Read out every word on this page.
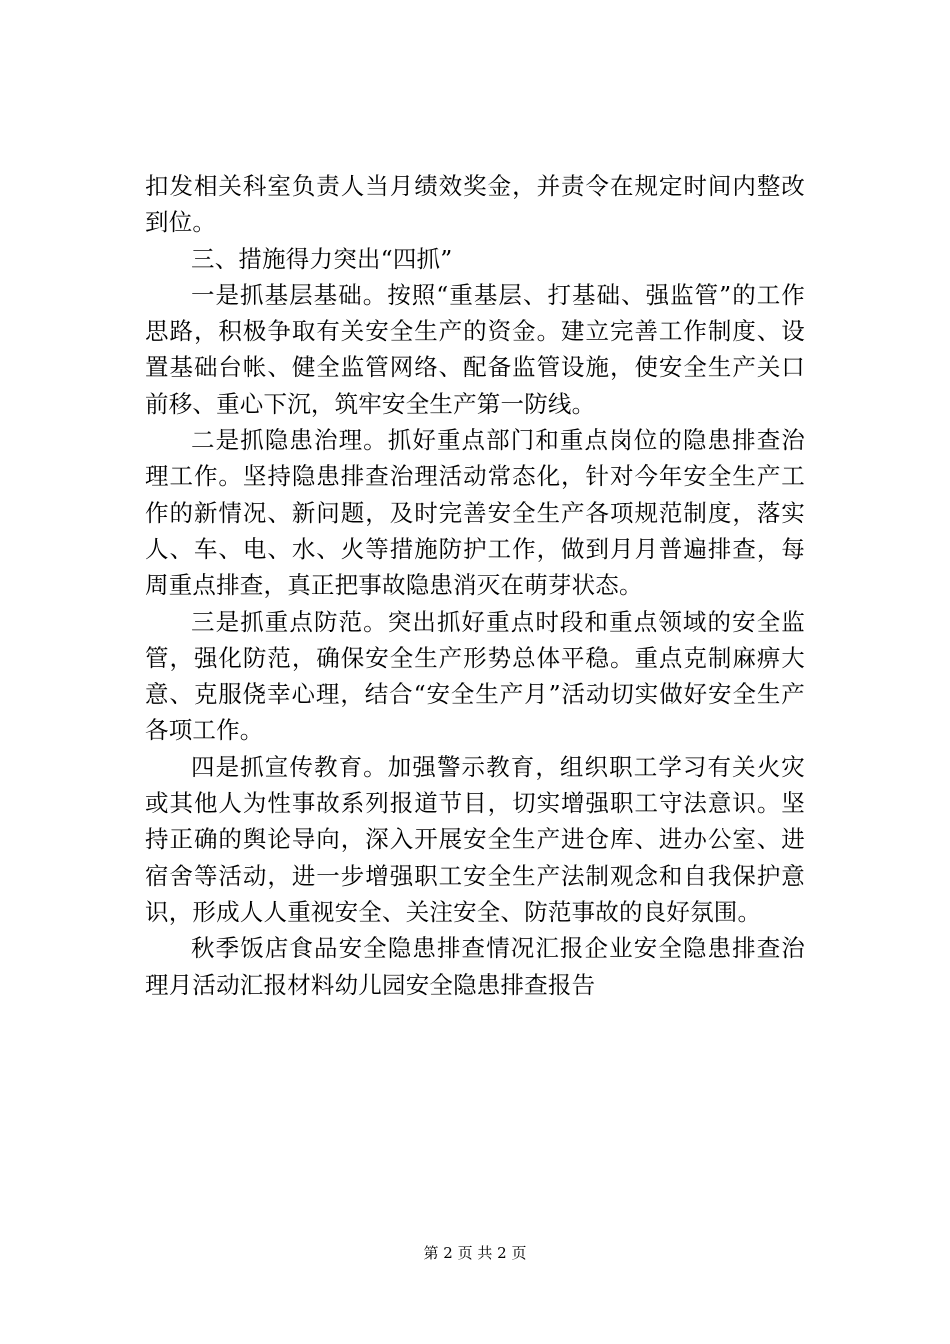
扣发相关科室负责人当月绩效奖金，并责令在规定时间内整改到位。

三、措施得力突出“四抓”

一是抓基层基础。按照“重基层、打基础、强监管”的工作思路，积极争取有关安全生产的资金。建立完善工作制度、设置基础台帐、健全监管网络、配备监管设施，使安全生产关口前移、重心下沉，筑牢安全生产第一防线。

二是抓隐患治理。抓好重点部门和重点岗位的隐患排查治理工作。坚持隐患排查治理活动常态化，针对今年安全生产工作的新情况、新问题，及时完善安全生产各项规范制度，落实人、车、电、水、火等措施防护工作，做到月月普遍排查，每周重点排查，真正把事故隐患消灭在萌芽状态。

三是抓重点防范。突出抓好重点时段和重点领域的安全监管，强化防范，确保安全生产形势总体平稳。重点克制麻痹大意、克服侥幸心理，结合“安全生产月”活动切实做好安全生产各项工作。

四是抓宣传教育。加强警示教育，组织职工学习有关火灾或其他人为性事故系列报道节目，切实增强职工守法意识。坚持正确的舆论导向，深入开展安全生产进仓库、进办公室、进宿舍等活动，进一步增强职工安全生产法制观念和自我保护意识，形成人人重视安全、关注安全、防范事故的良好氛围。

秋季饭店食品安全隐患排查情况汇报企业安全隐患排查治理月活动汇报材料幼儿园安全隐患排查报告

第 2 页 共 2 页
